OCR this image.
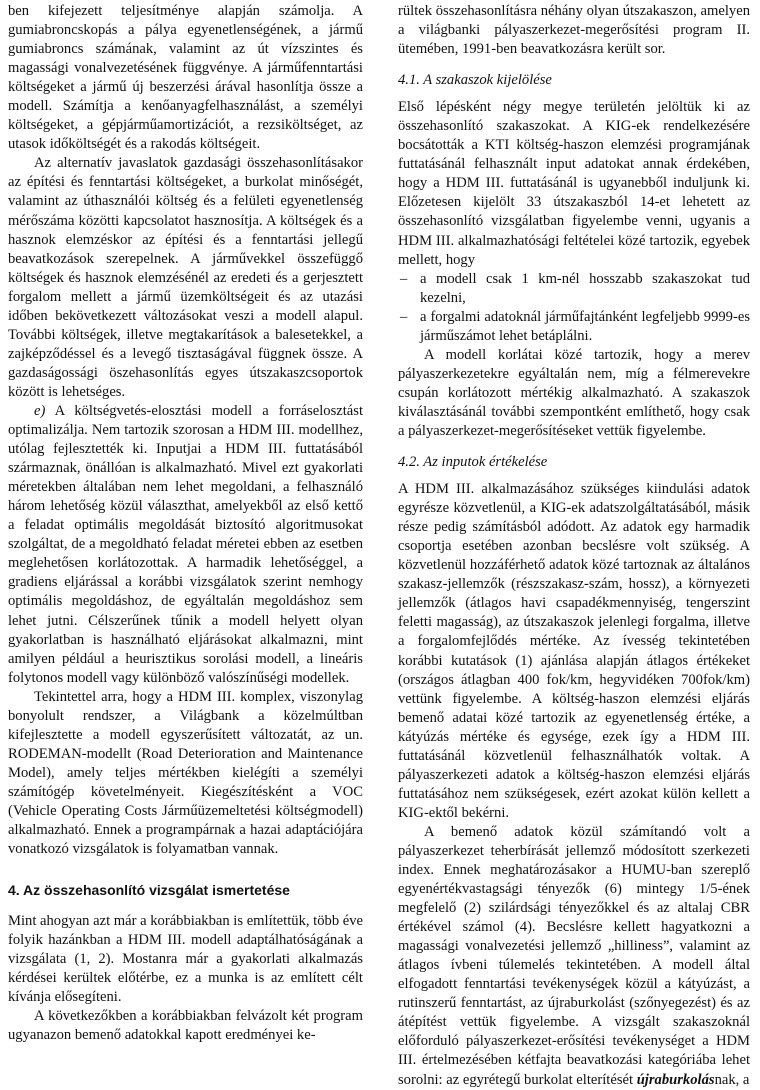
ben kifejezett teljesítménye alapján számolja. A gumiabroncskopás a pálya egyenetlenségének, a jármű gumiabroncs számának, valamint az út vízszintes és magassági vonalvezetésének függvénye. A járműfenntartási költségeket a jármű új beszerzési árával hasonlítja össze a modell. Számítja a kenőanyagfelhasználást, a személyi költségeket, a gépjárműamortizációt, a rezsiköltséget, az utasok időköltségét és a rakodás költségeit.

Az alternatív javaslatok gazdasági összehasonlításakor az építési és fenntartási költségeket, a burkolat minőségét, valamint az úthasználói költség és a felületi egyenetlenség mérőszáma közötti kapcsolatot hasznosítja. A költségek és a hasznok elemzéskor az építési és a fenntartási jellegű beavatkozások szerepelnek. A járművekkel összefüggő költségek és hasznok elemzésénél az eredeti és a gerjesztett forgalom mellett a jármű üzemköltségeit és az utazási időben bekövetkezett változásokat veszi a modell alapul. További költségek, illetve megtakarítások a balesetekkel, a zajképződéssel és a levegő tisztaságával függnek össze. A gazdaságossági öszehasonlítás egyes útszakaszcsoportok között is lehetséges.

e) A költségvetés-elosztási modell a forráselosztást optimalizálja. Nem tartozik szorosan a HDM III. modellhez, utólag fejlesztették ki. Inputjai a HDM III. futtatásából származnak, önállóan is alkalmazható. Mivel ezt gyakorlati méretekben általában nem lehet megoldani, a felhasználó három lehetőség közül választhat, amelyekből az első kettő a feladat optimális megoldását biztosító algoritmusokat szolgáltat, de a megoldható feladat méretei ebben az esetben meglehetősen korlátozottak. A harmadik lehetőséggel, a gradiens eljárással a korábbi vizsgálatok szerint nemhogy optimális megoldáshoz, de egyáltalán megoldáshoz sem lehet jutni. Célszerűnek tűnik a modell helyett olyan gyakorlatban is használható eljárásokat alkalmazni, mint amilyen például a heurisztikus sorolási modell, a lineáris folytonos modell vagy különböző valószínűségi modellek.

Tekintettel arra, hogy a HDM III. komplex, viszonylag bonyolult rendszer, a Világbank a közelmúltban kifejlesztette a modell egyszerűsített változatát, az un. RODEMAN-modellt (Road Deterioration and Maintenance Model), amely teljes mértékben kielégíti a személyi számítógép követelményeit. Kiegészítésként a VOC (Vehicle Operating Costs Járműüzemeltetési költségmodell) alkalmazható. Ennek a programpárnak a hazai adaptációjára vonatkozó vizsgálatok is folyamatban vannak.

4. Az összehasonlító vizsgálat ismertetése

Mint ahogyan azt már a korábbiakban is említettük, több éve folyik hazánkban a HDM III. modell adaptálhatóságának a vizsgálata (1, 2). Mostanra már a gyakorlati alkalmazás kérdései kerültek előtérbe, ez a munka is az említett célt kívánja elősegíteni.

A következőkben a korábbiakban felvázolt két program ugyanazon bemenő adatokkal kapott eredményei ke-

rültek összehasonlításra néhány olyan útszakaszon, amelyen a világbanki pályaszerkezet-megerősítési program II. ütemében, 1991-ben beavatkozásra került sor.

4.1. A szakaszok kijelölése

Első lépésként négy megye területén jelöltük ki az összehasonlító szakaszokat. A KIG-ek rendelkezésére bocsátották a KTI költség-haszon elemzési programjának futtatásánál felhasznált input adatokat annak érdekében, hogy a HDM III. futtatásánál is ugyanebből induljunk ki. Előzetesen kijelölt 33 útszakaszból 14-et lehetett az összehasonlító vizsgálatban figyelembe venni, ugyanis a HDM III. alkalmazhatósági feltételei közé tartozik, egyebek mellett, hogy

– a modell csak 1 km-nél hosszabb szakaszokat tud kezelni,
– a forgalmi adatoknál járműfajtánként legfeljebb 9999-es járműszámot lehet betáplálni.

A modell korlátai közé tartozik, hogy a merev pályaszerkezetekre egyáltalán nem, míg a félmerevekre csupán korlátozott mértékig alkalmazható. A szakaszok kiválasztásánál további szempontként említhető, hogy csak a pályaszerkezet-megerősítéseket vettük figyelembe.

4.2. Az inputok értékelése

A HDM III. alkalmazásához szükséges kiindulási adatok egyrésze közvetlenül, a KIG-ek adatszolgáltatásából, másik része pedig számításból adódott. Az adatok egy harmadik csoportja esetében azonban becslésre volt szükség. A közvetlenül hozzáférhető adatok közé tartoznak az általános szakasz-jellemzők (részszakasz-szám, hossz), a környezeti jellemzők (átlagos havi csapadékmennyiség, tengerszint feletti magasság), az útszakaszok jelenlegi forgalma, illetve a forgalomfejlődés mértéke. Az ívesség tekintetében korábbi kutatások (1) ajánlása alapján átlagos értékeket (országos átlagban 400 fok/km, hegyvidéken 700fok/km) vettünk figyelembe. A költség-haszon elemzési eljárás bemenő adatai közé tartozik az egyenetlenség értéke, a kátyúzás mértéke és egysége, ezek így a HDM III. futtatásánál közvetlenül felhasználhatók voltak. A pályaszerkezeti adatok a költség-haszon elemzési eljárás futtatásához nem szükségesek, ezért azokat külön kellett a KIG-ektől bekérni.

A bemenő adatok közül számítandó volt a pályaszerkezet teherbírását jellemző módosított szerkezeti index. Ennek meghatározásakor a HUMU-ban szereplő egyenértékvastagsági tényezők (6) mintegy 1/5-ének megfelelő (2) szilárdsági tényezőkkel és az altalaj CBR értékével számol (4). Becslésre kellett hagyatkozni a magassági vonalvezetési jellemző „hilliness”, valamint az átlagos ívbeni túlemelés tekintetében. A modell által elfogadott fenntartási tevékenységek közül a kátyúzást, a rutinszerű fenntartást, az újraburkolást (szőnyegezést) és az átépítést vettük figyelembe. A vizsgált szakaszoknál előforduló pályaszerkezet-erősítési tevékenységet a HDM III. értelmezésében kétfajta beavatkozási kategóriába lehet sorolni: az egyrétegű burkolat elterítését újraburkolásnak, a
